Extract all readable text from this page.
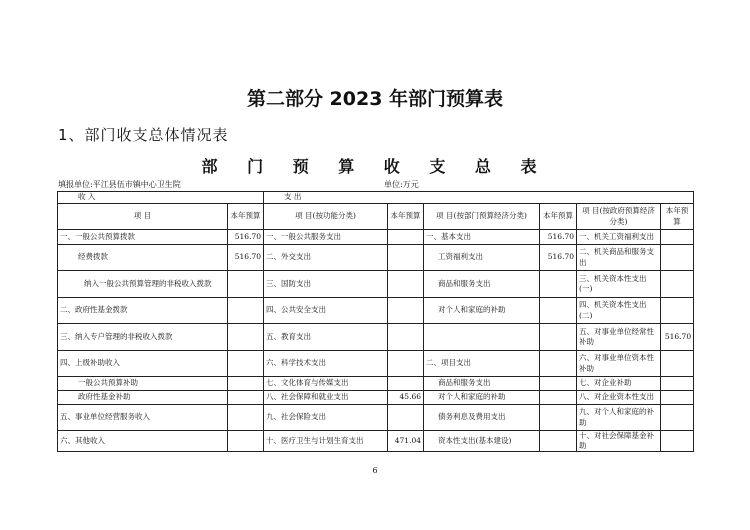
第二部分 2023 年部门预算表
1、部门收支总体情况表
部 门 预 算 收 支 总 表
填报单位:平江县伍市镇中心卫生院	单位:万元
收 入		支 出					
项 目	本年预算	项 目(按功能分类)	本年预算	项 目(按部门预算经济分类)	本年预算	项 目(按政府预算经济分类)	本年预算
一、一般公共预算拨款	516.70	一、一般公共服务支出		一、基本支出	516.70	一、机关工资福利支出	
经费拨款	516.70	二、外交支出		工资福利支出	516.70	二、机关商品和服务支出	
纳入一般公共预算管理的非税收入拨款		三、国防支出		商品和服务支出		三、机关资本性支出(一)	
二、政府性基金拨款		四、公共安全支出		对个人和家庭的补助		四、机关资本性支出(二)	
三、纳入专户管理的非税收入拨款		五、教育支出				五、对事业单位经常性补助	516.70
四、上级补助收入		六、科学技术支出		二、项目支出		六、对事业单位资本性补助	
一般公共预算补助		七、文化体育与传媒支出		商品和服务支出		七、对企业补助	
政府性基金补助		八、社会保障和就业支出	45.66	对个人和家庭的补助		八、对企业资本性支出	
五、事业单位经营服务收入		九、社会保险支出		债务利息及费用支出		九、对个人和家庭的补助	
六、其他收入		十、医疗卫生与计划生育支出	471.04	资本性支出(基本建设)		十、对社会保障基金补助	
6
